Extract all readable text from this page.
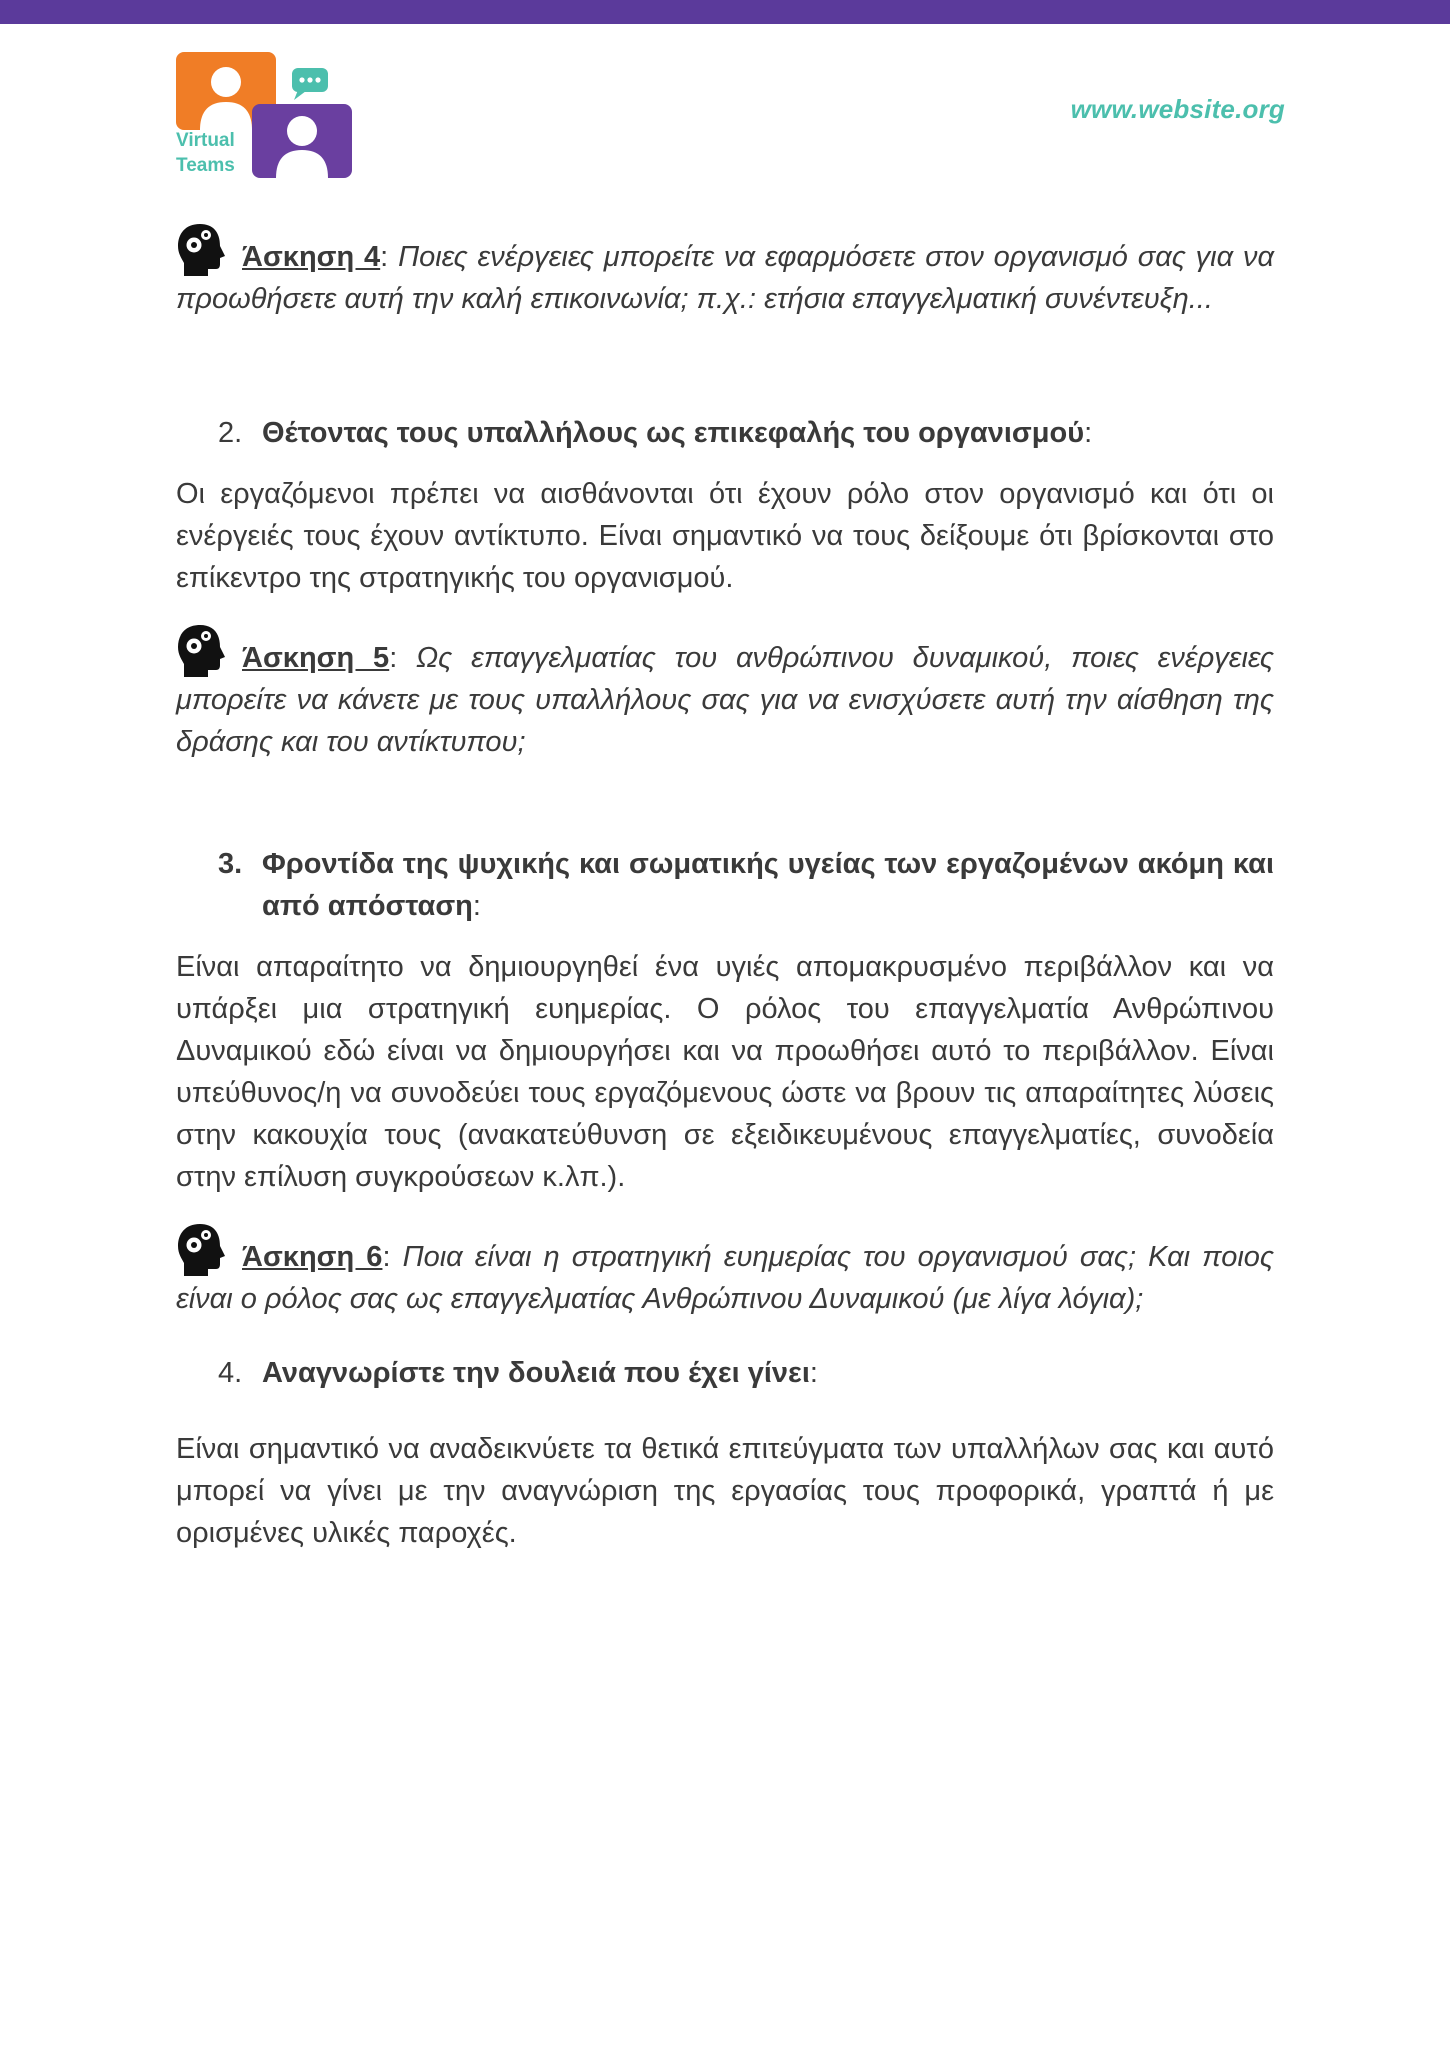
Virtual
Teams
www.website.org
Άσκηση 4: Ποιες ενέργειες μπορείτε να εφαρμόσετε στον οργανισμό σας για να προωθήσετε αυτή την καλή επικοινωνία; π.χ.: ετήσια επαγγελματική συνέντευξη...
2. Θέτοντας τους υπαλλήλους ως επικεφαλής του οργανισμού:
Οι εργαζόμενοι πρέπει να αισθάνονται ότι έχουν ρόλο στον οργανισμό και ότι οι ενέργειές τους έχουν αντίκτυπο. Είναι σημαντικό να τους δείξουμε ότι βρίσκονται στο επίκεντρο της στρατηγικής του οργανισμού.
Άσκηση 5: Ως επαγγελματίας του ανθρώπινου δυναμικού, ποιες ενέργειες μπορείτε να κάνετε με τους υπαλλήλους σας για να ενισχύσετε αυτή την αίσθηση της δράσης και του αντίκτυπου;
3. Φροντίδα της ψυχικής και σωματικής υγείας των εργαζομένων ακόμη και από απόσταση:
Είναι απαραίτητο να δημιουργηθεί ένα υγιές απομακρυσμένο περιβάλλον και να υπάρξει μια στρατηγική ευημερίας. Ο ρόλος του επαγγελματία Ανθρώπινου Δυναμικού εδώ είναι να δημιουργήσει και να προωθήσει αυτό το περιβάλλον. Είναι υπεύθυνος/η να συνοδεύει τους εργαζόμενους ώστε να βρουν τις απαραίτητες λύσεις στην κακουχία τους (ανακατεύθυνση σε εξειδικευμένους επαγγελματίες, συνοδεία στην επίλυση συγκρούσεων κ.λπ.).
Άσκηση 6: Ποια είναι η στρατηγική ευημερίας του οργανισμού σας; Και ποιος είναι ο ρόλος σας ως επαγγελματίας Ανθρώπινου Δυναμικού (με λίγα λόγια);
4. Αναγνωρίστε την δουλειά που έχει γίνει:
Είναι σημαντικό να αναδεικνύετε τα θετικά επιτεύγματα των υπαλλήλων σας και αυτό μπορεί να γίνει με την αναγνώριση της εργασίας τους προφορικά, γραπτά ή με ορισμένες υλικές παροχές.
